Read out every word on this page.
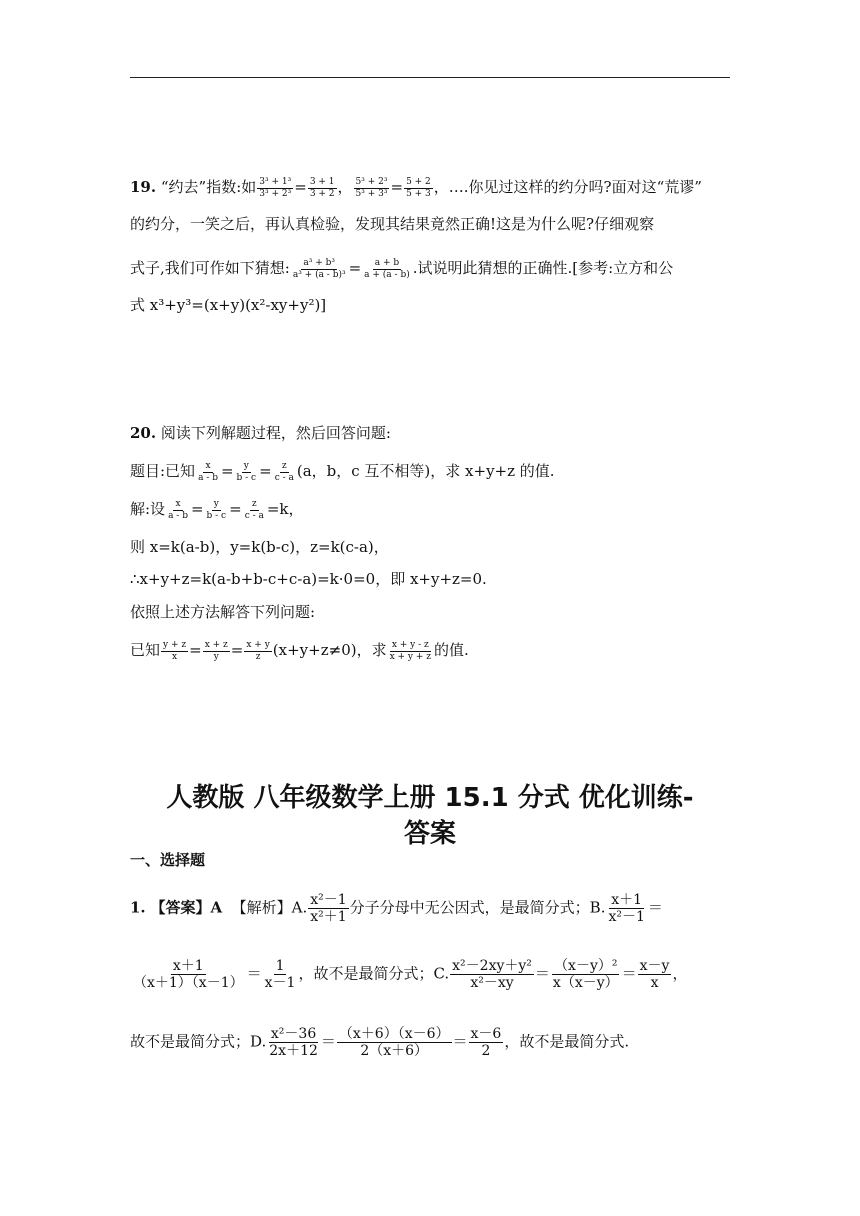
19. “约去”指数:如 $\frac{\text{3³ + 1³}}{\text{3³ + 2³}} = \frac{3 + 1}{3 + 2}$ ， $\frac{\text{5³ + 2³}}{\text{5³ + 3³}} = \frac{5 + 2}{5 + 3}$ ，….你见过这样的约分吗?面对这“荒谬”
的约分，一笑之后，再认真检验，发现其结果竟然正确!这是为什么呢?仔细观察
式子,我们可作如下猜想: $\frac{\text{a³ + b³}}{\text{a³ + (a - b)³}} = \frac{a + b}{a + (a - b)}$ .试说明此猜想的正确性.[参考:立方和公
式 x³+y³=(x+y)(x²-xy+y²)]
20. 阅读下列解题过程，然后回答问题:
题目:已知 $\frac{x}{a - b} = \frac{y}{b - c} = \frac{z}{c - a} (a$，b，c 互不相等)，求 x+y+z 的值.
解:设 $\frac{x}{a - b} = \frac{y}{b - c} = \frac{z}{c - a} =k$，
则 x=k(a-b)，y=k(b-c)，z=k(c-a)，
∴x+y+z=k(a-b+b-c+c-a)=k·0=0，即 x+y+z=0.
依照上述方法解答下列问题:
已知 $\frac{y + z}{x} = \frac{x + z}{y} = \frac{x + y}{z} (x+y+z\ne 0)$，求 $\frac{x + y - z}{x + y + z}$ 的值.
人教版 八年级数学上册 15.1 分式 优化训练-
答案
一、选择题
1. 【答案】A 【解析】A. $\frac{\text{x²－1}}{\text{x²＋1}}$ 分子分母中无公因式，是最简分式；B. $\frac{x+1}{\text{x²－1}}$ ＝
$\frac{x+1}{(x+1)(x-1)} = \frac{1}{x-1}$ ，故不是最简分式；C. $\frac{\text{x²－2xy＋y²}}{\text{x²－xy}} = \frac{\text{（x－y）²}}{x(x-y)} = \frac{x-y}{x}$ ，
故不是最简分式；D. $\frac{\text{x²－36}}{2x+12} = \frac{(x+6)(x-6)}{2(x+6)} = \frac{x-6}{2}$ ，故不是最简分式.
